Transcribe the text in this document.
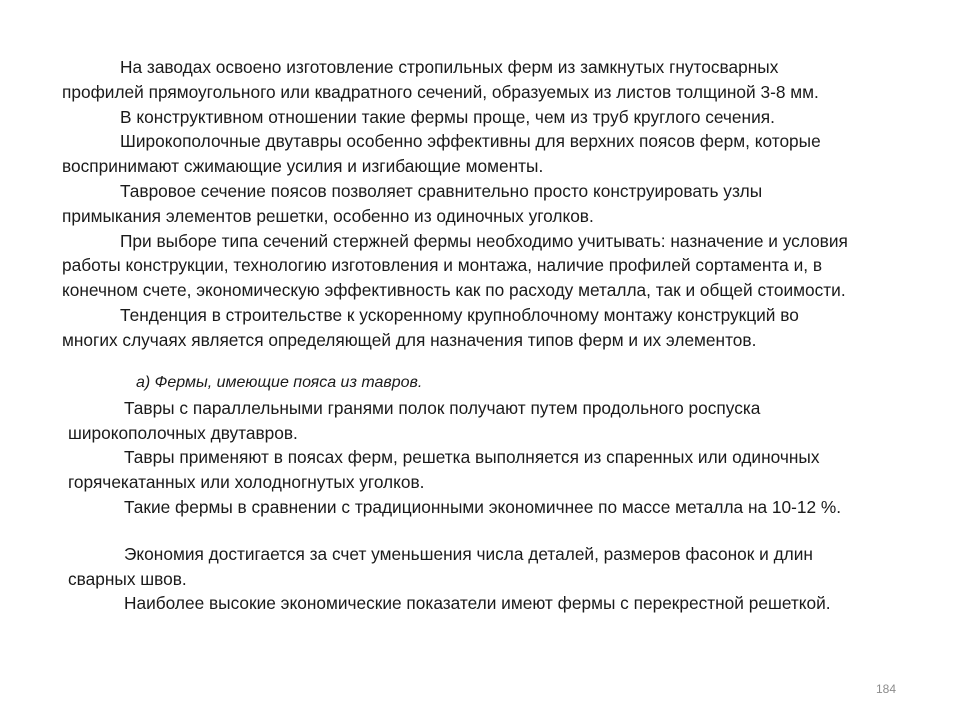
На заводах освоено изготовление стропильных ферм из замкнутых гнутосварных
профилей прямоугольного или квадратного сечений, образуемых из листов толщиной 3-8 мм.
В конструктивном отношении такие фермы проще, чем из труб круглого сечения.
Широкополочные двутавры особенно эффективны для верхних поясов ферм, которые
воспринимают сжимающие усилия и изгибающие моменты.
Тавровое сечение поясов позволяет сравнительно просто конструировать узлы
примыкания элементов решетки, особенно из одиночных уголков.
При выборе типа сечений стержней фермы необходимо учитывать: назначение и условия
работы конструкции, технологию изготовления и монтажа, наличие профилей сортамента и, в
конечном счете, экономическую эффективность как по расходу металла, так и общей стоимости.
Тенденция в строительстве к ускоренному крупноблочному монтажу конструкций во
многих случаях является определяющей для назначения типов ферм и их элементов.
а) Фермы, имеющие пояса из тавров.
Тавры с параллельными гранями полок получают путем продольного роспуска
широкополочных двутавров.
Тавры применяют в поясах ферм, решетка выполняется из спаренных или одиночных
горячекатанных или холодногнутых уголков.
Такие фермы в сравнении с традиционными экономичнее по массе металла на 10-12 %.
Экономия достигается за счет уменьшения числа деталей, размеров фасонок и длин
сварных швов.
Наиболее высокие экономические показатели имеют фермы с перекрестной решеткой.
184
